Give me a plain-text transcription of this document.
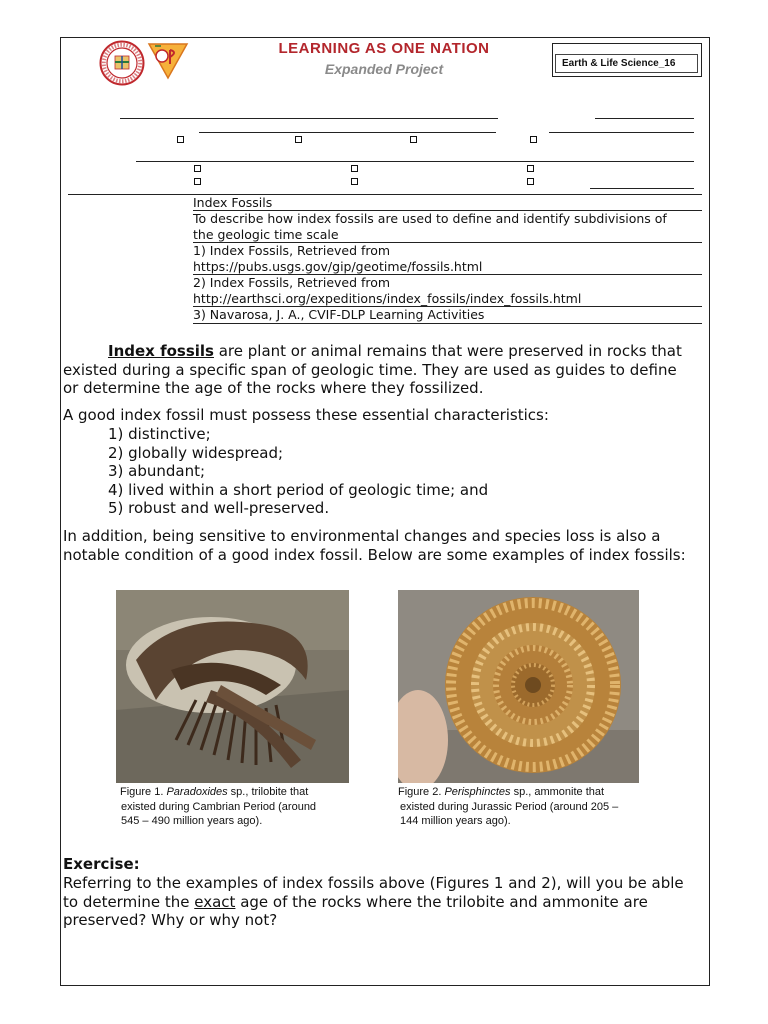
LEARNING AS ONE NATION
Expanded Project	Earth & Life Science_16
Index Fossils
To describe how index fossils are used to define and identify subdivisions of
the geologic time scale
1) Index Fossils, Retrieved from
https://pubs.usgs.gov/gip/geotime/fossils.html
2) Index Fossils, Retrieved from
http://earthsci.org/expeditions/index_fossils/index_fossils.html
3) Navarosa, J. A., CVIF-DLP Learning Activities
Index fossils are plant or animal remains that were preserved in rocks that
existed during a specific span of geologic time. They are used as guides to define
or determine the age of the rocks where they fossilized.
A good index fossil must possess these essential characteristics:
1) distinctive;
2) globally widespread;
3) abundant;
4) lived within a short period of geologic time; and
5) robust and well-preserved.
In addition, being sensitive to environmental changes and species loss is also a
notable condition of a good index fossil. Below are some examples of index fossils:
Figure 1. Paradoxides sp., trilobite that
existed during Cambrian Period (around
545 – 490 million years ago).
Figure 2. Perisphinctes sp., ammonite that
existed during Jurassic Period (around 205 –
144 million years ago).
Exercise:
Referring to the examples of index fossils above (Figures 1 and 2), will you be able
to determine the exact age of the rocks where the trilobite and ammonite are
preserved? Why or why not?
